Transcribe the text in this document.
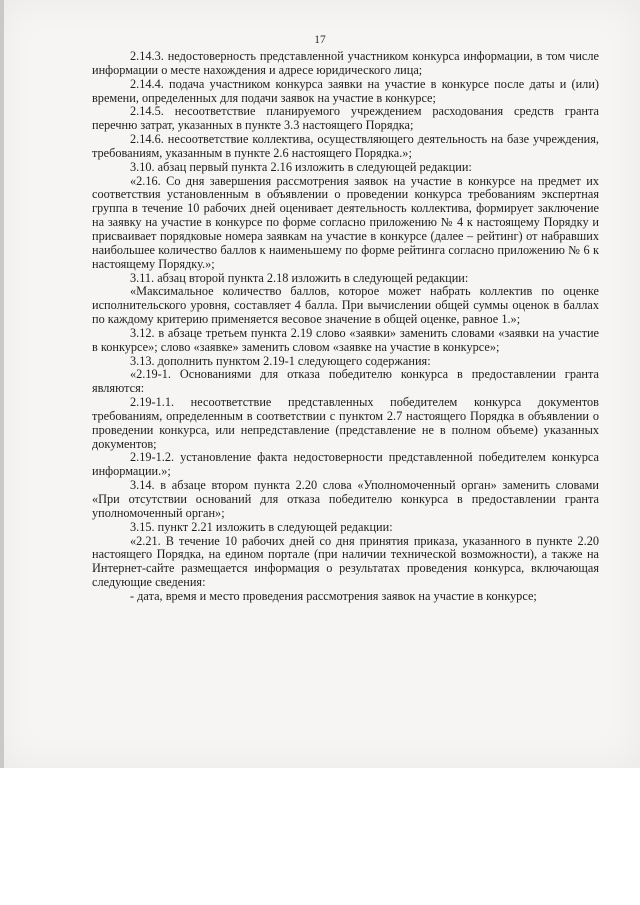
17

2.14.3. недостоверность представленной участником конкурса информации, в том числе информации о месте нахождения и адресе юридического лица;

2.14.4. подача участником конкурса заявки на участие в конкурсе после даты и (или) времени, определенных для подачи заявок на участие в конкурсе;

2.14.5. несоответствие планируемого учреждением расходования средств гранта перечню затрат, указанных в пункте 3.3 настоящего Порядка;

2.14.6. несоответствие коллектива, осуществляющего деятельность на базе учреждения, требованиям, указанным в пункте 2.6 настоящего Порядка.»;

3.10. абзац первый пункта 2.16 изложить в следующей редакции:

«2.16. Со дня завершения рассмотрения заявок на участие в конкурсе на предмет их соответствия установленным в объявлении о проведении конкурса требованиям экспертная группа в течение 10 рабочих дней оценивает деятельность коллектива, формирует заключение на заявку на участие в конкурсе по форме согласно приложению № 4 к настоящему Порядку и присваивает порядковые номера заявкам на участие в конкурсе (далее – рейтинг) от набравших наибольшее количество баллов к наименьшему по форме рейтинга согласно приложению № 6 к настоящему Порядку.»;

3.11. абзац второй пункта 2.18 изложить в следующей редакции:

«Максимальное количество баллов, которое может набрать коллектив по оценке исполнительского уровня, составляет 4 балла. При вычислении общей суммы оценок в баллах по каждому критерию применяется весовое значение в общей оценке, равное 1.»;

3.12. в абзаце третьем пункта 2.19 слово «заявки» заменить словами «заявки на участие в конкурсе»; слово «заявке» заменить словом «заявке на участие в конкурсе»;

3.13. дополнить пунктом 2.19-1 следующего содержания:

«2.19-1. Основаниями для отказа победителю конкурса в предоставлении гранта являются:

2.19-1.1. несоответствие представленных победителем конкурса документов требованиям, определенным в соответствии с пунктом 2.7 настоящего Порядка в объявлении о проведении конкурса, или непредставление (представление не в полном объеме) указанных документов;

2.19-1.2. установление факта недостоверности представленной победителем конкурса информации.»;

3.14. в абзаце втором пункта 2.20 слова «Уполномоченный орган» заменить словами «При отсутствии оснований для отказа победителю конкурса в предоставлении гранта уполномоченный орган»;

3.15. пункт 2.21 изложить в следующей редакции:

«2.21. В течение 10 рабочих дней со дня принятия приказа, указанного в пункте 2.20 настоящего Порядка, на едином портале (при наличии технической возможности), а также на Интернет-сайте размещается информация о результатах проведения конкурса, включающая следующие сведения:

- дата, время и место проведения рассмотрения заявок на участие в конкурсе;
